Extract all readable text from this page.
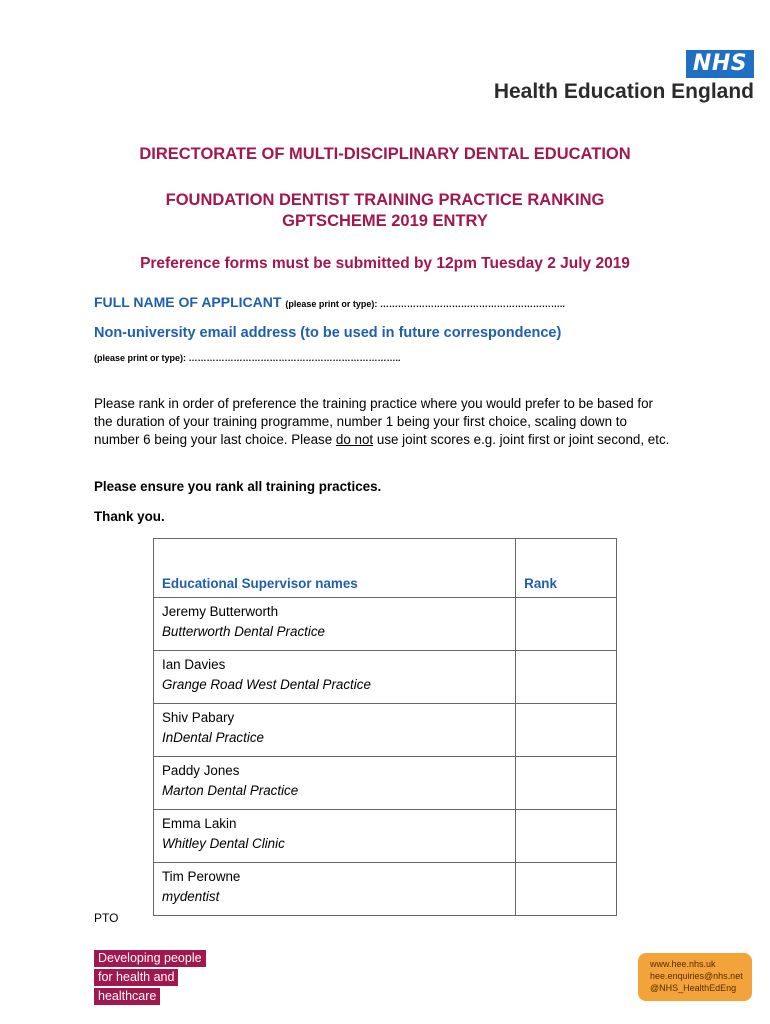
NHS
Health Education England
DIRECTORATE OF MULTI-DISCIPLINARY DENTAL EDUCATION
FOUNDATION DENTIST TRAINING PRACTICE RANKING
GPTSCHEME 2019 ENTRY
Preference forms must be submitted by 12pm Tuesday 2 July 2019
FULL NAME OF APPLICANT (please print or type): ……………………………………………………..
Non-university email address (to be used in future correspondence)
(please print or type): ……………………………………………………………..
Please rank in order of preference the training practice where you would prefer to be based for the duration of your training programme, number 1 being your first choice, scaling down to number 6 being your last choice. Please do not use joint scores e.g. joint first or joint second, etc.
Please ensure you rank all training practices.
Thank you.
Educational Supervisor names	Rank

Jeremy Butterworth
Butterworth Dental Practice	

Ian Davies
Grange Road West Dental Practice	

Shiv Pabary
InDental Practice	

Paddy Jones
Marton Dental Practice	

Emma Lakin
Whitley Dental Clinic	

Tim Perowne
mydentist	

PTO
Developing people
for health and
healthcare
www.hee.nhs.uk
hee.enquiries@nhs.net
@NHS_HealthEdEng
